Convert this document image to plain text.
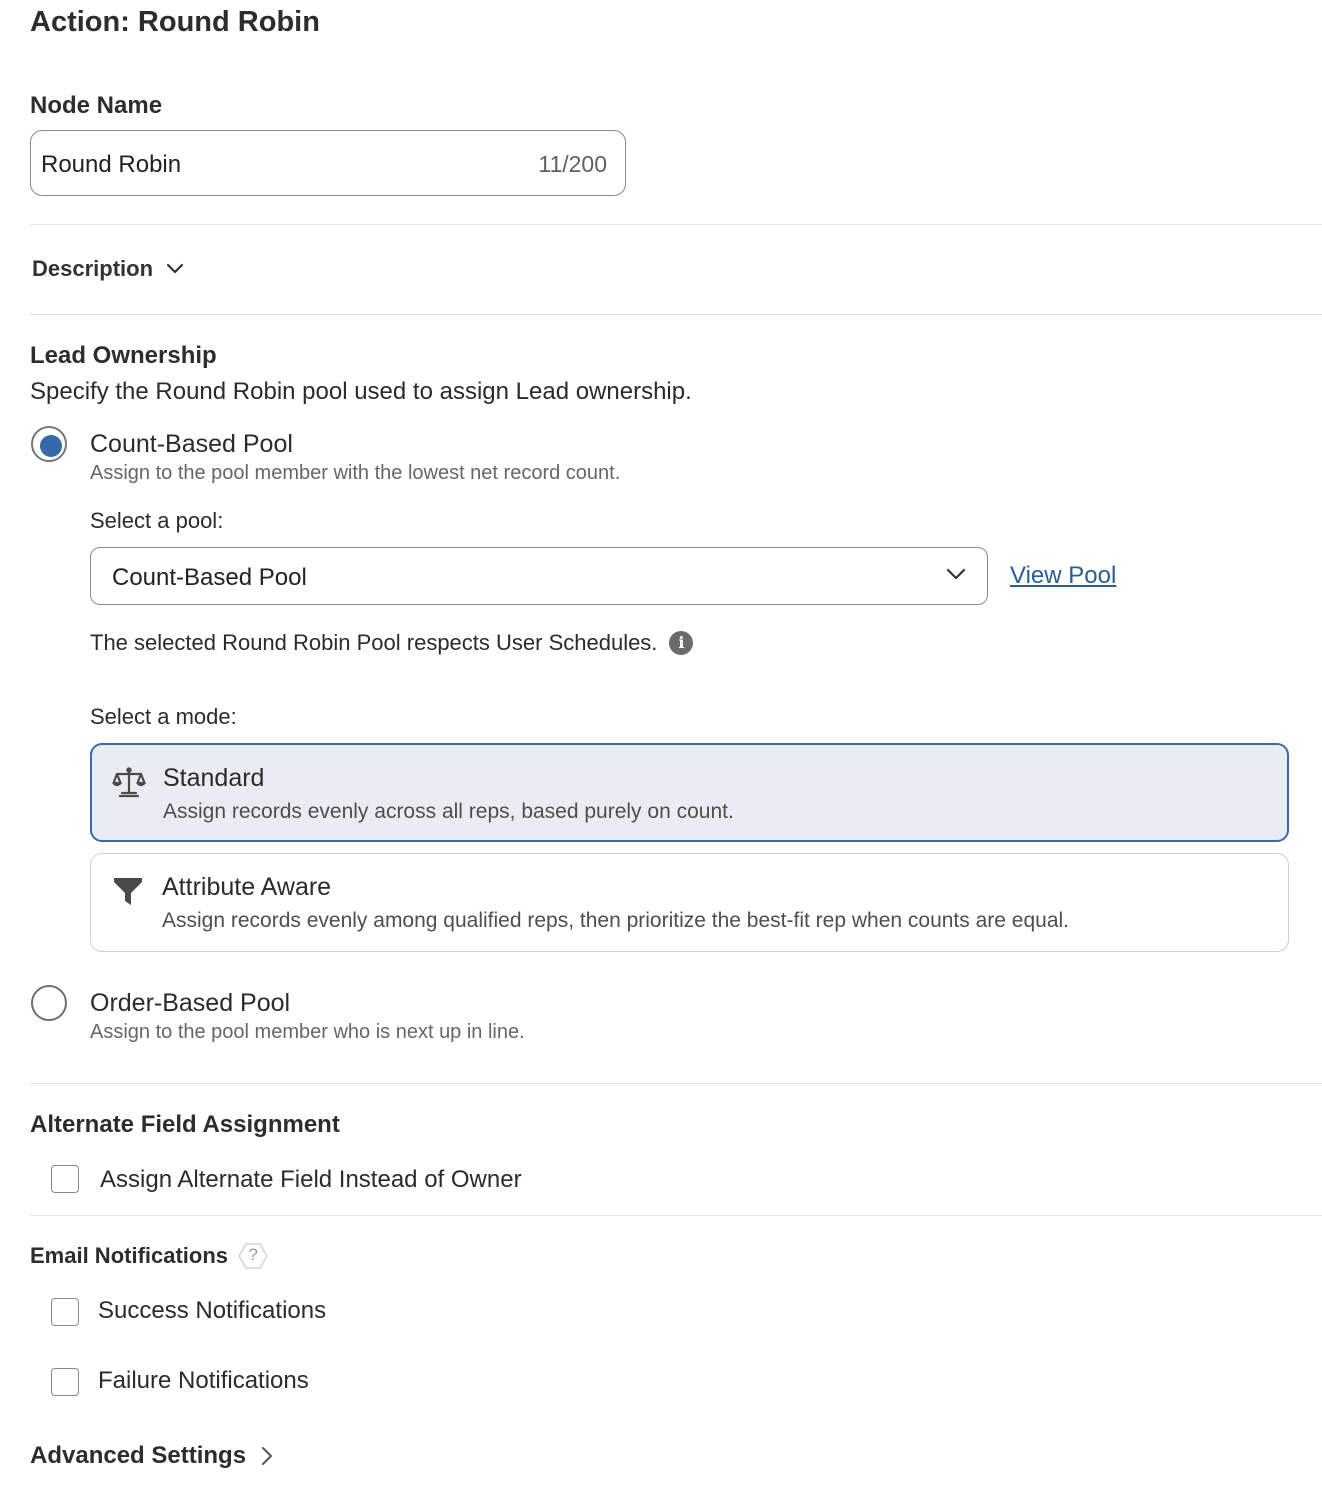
Action: Round Robin
Node Name
Round Robin	11/200
Description
Lead Ownership
Specify the Round Robin pool used to assign Lead ownership.
Count-Based Pool
Assign to the pool member with the lowest net record count.
Select a pool:
Count-Based Pool	View Pool
The selected Round Robin Pool respects User Schedules.	i
Select a mode:
Standard
Assign records evenly across all reps, based purely on count.
Attribute Aware
Assign records evenly among qualified reps, then prioritize the best-fit rep when counts are equal.
Order-Based Pool
Assign to the pool member who is next up in line.
Alternate Field Assignment
Assign Alternate Field Instead of Owner
Email Notifications	?
Success Notifications
Failure Notifications
Advanced Settings
